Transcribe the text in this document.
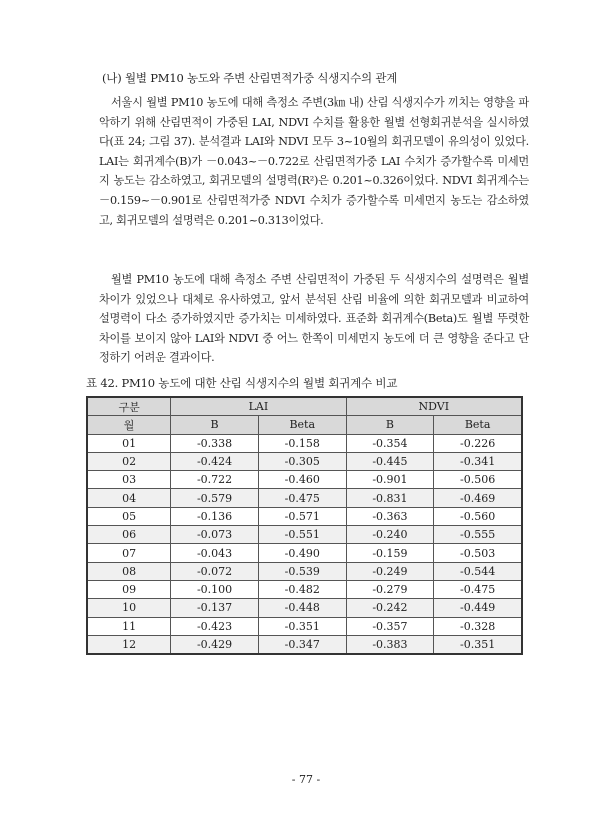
(나) 월별 PM10 농도와 주변 산림면적가중 식생지수의 관계

서울시 월별 PM10 농도에 대해 측정소 주변(3㎞ 내) 산림 식생지수가 끼치는 영향을 파악하기 위해 산림면적이 가중된 LAI, NDVI 수치를 활용한 월별 선형회귀분석을 실시하였다(표 24; 그림 37). 분석결과 LAI와 NDVI 모두 3~10월의 회귀모델이 유의성이 있었다. LAI는 회귀계수(B)가 －0.043~－0.722로 산림면적가중 LAI 수치가 증가할수록 미세먼지 농도는 감소하였고, 회귀모델의 설명력(R²)은 0.201~0.326이었다. NDVI 회귀계수는 －0.159~－0.901로 산림면적가중 NDVI 수치가 증가할수록 미세먼지 농도는 감소하였고, 회귀모델의 설명력은 0.201~0.313이었다.

월별 PM10 농도에 대해 측정소 주변 산림면적이 가중된 두 식생지수의 설명력은 월별 차이가 있었으나 대체로 유사하였고, 앞서 분석된 산림 비율에 의한 회귀모델과 비교하여 설명력이 다소 증가하였지만 증가치는 미세하였다. 표준화 회귀계수(Beta)도 월별 뚜렷한 차이를 보이지 않아 LAI와 NDVI 중 어느 한쪽이 미세먼지 농도에 더 큰 영향을 준다고 단정하기 어려운 결과이다.

표 42. PM10 농도에 대한 산림 식생지수의 월별 회귀계수 비교
구분	LAI		NDVI	
월	B	Beta	B	Beta
01	-0.338	-0.158	-0.354	-0.226
02	-0.424	-0.305	-0.445	-0.341
03	-0.722	-0.460	-0.901	-0.506
04	-0.579	-0.475	-0.831	-0.469
05	-0.136	-0.571	-0.363	-0.560
06	-0.073	-0.551	-0.240	-0.555
07	-0.043	-0.490	-0.159	-0.503
08	-0.072	-0.539	-0.249	-0.544
09	-0.100	-0.482	-0.279	-0.475
10	-0.137	-0.448	-0.242	-0.449
11	-0.423	-0.351	-0.357	-0.328
12	-0.429	-0.347	-0.383	-0.351
- 77 -
